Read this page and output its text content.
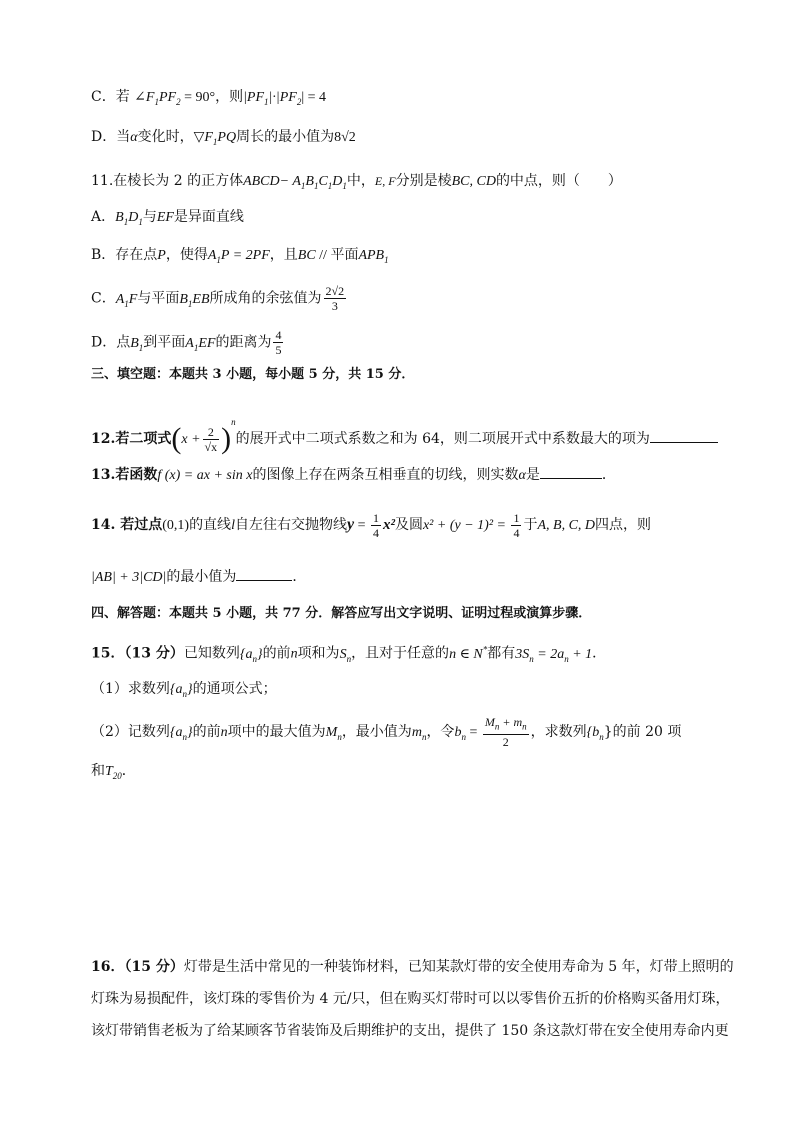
C．若 $\angle F_1PF_2 = 90^\circ$，则$|PF_1|\cdot|PF_2| = 4$
D．当α变化时，$▽F_1PQ$周长的最小值为8√2
11.在棱长为 2 的正方体ABCD− $A_1B_1C_1D_1$中，E, F分别是棱BC, CD的中点，则（　　）
A．$B_1D_1$与EF是异面直线
B．存在点P，使得$A_1P = 2PF$，且BC // 平面$APB_1$
C．$A_1F$与平面$B_1EB$所成角的余弦值为 $\frac{2√2}{3}$
D．点$B_1$到平面$A_1EF$的距离为 $\frac{4}{5}$
三、填空题：本题共 3 小题，每小题 5 分，共 15 分．
12.若二项式$(x + \frac{2}{√x} )^n$的展开式中二项式系数之和为 64，则二项展开式中系数最大的项为
13.若函数f (x) = ax + sin x的图像上存在两条互相垂直的切线，则实数α是	．
14. 若过点(0,1)的直线l自左往右交抛物线$y = \frac{1}{4} x^2$及圆$x^2 + (y - 1)^2 = \frac{1}{4}$ 于A, B, C, D四点，则
|AB| + 3|CD|的最小值为	．
四、解答题：本题共 5 小题，共 77 分．解答应写出文字说明、证明过程或演算步骤．
15．（13 分）已知数列$\{a_n\}$的前n项和为$S_n$，且对于任意的n ∈ N*都有$3S_n = 2a_n + 1$．
（1）求数列$\{a_n\}$的通项公式；
（2）记数列$\{a_n\}$的前n项中的最大值为$M_n$，最小值为$m_n$，令$b_n = \frac{M_n + m_n}{2}$ ，求数列$\{b_n\}$的前 20 项
和$T_{20}$．
16．（15 分）灯带是生活中常见的一种装饰材料，已知某款灯带的安全使用寿命为 5 年，灯带上照明的
灯珠为易损配件，该灯珠的零售价为 4 元/只，但在购买灯带时可以以零售价五折的价格购买备用灯珠，
该灯带销售老板为了给某顾客节省装饰及后期维护的支出，提供了 150 条这款灯带在安全使用寿命内更
